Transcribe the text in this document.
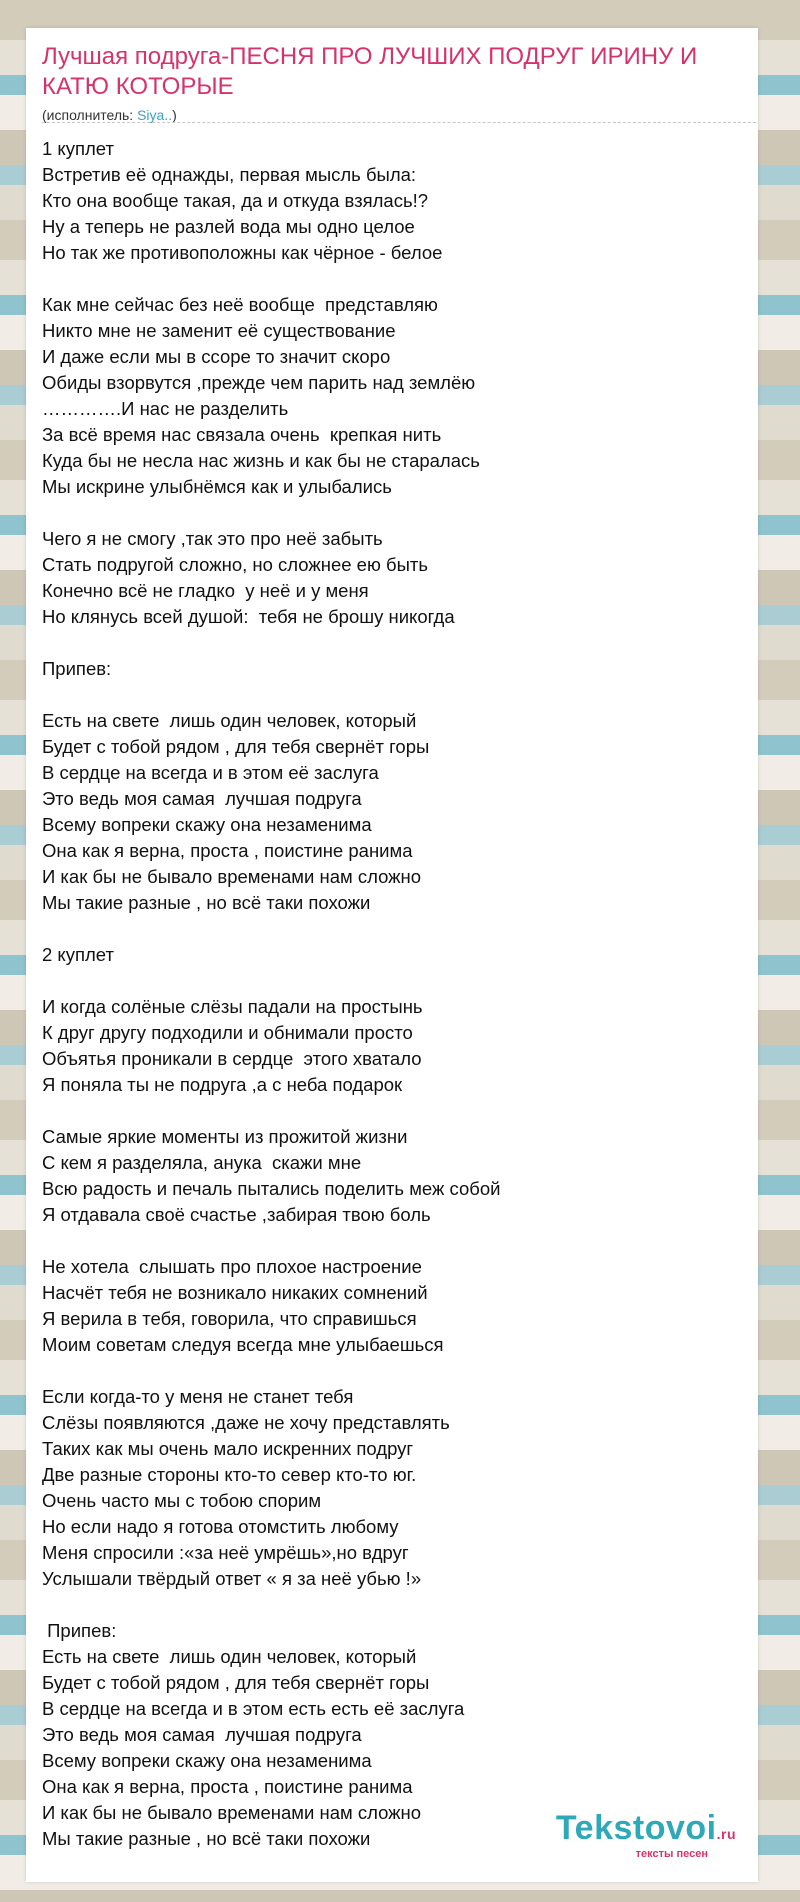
Лучшая подруга-ПЕСНЯ ПРО ЛУЧШИХ ПОДРУГ ИРИНУ И КАТЮ КОТОРЫЕ
(исполнитель: Siya..)
1 куплет
Встретив её однажды, первая мысль была:
Кто она вообще такая, да и откуда взялась!?
Ну а теперь не разлей вода мы одно целое
Но так же противоположны как чёрное - белое

Как мне сейчас без неё вообще  представляю
Никто мне не заменит её существование
И даже если мы в ссоре то значит скоро
Обиды взорвутся ,прежде чем парить над землёю
………….И нас не разделить
За всё время нас связала очень  крепкая нить
Куда бы не несла нас жизнь и как бы не старалась
Мы искрине улыбнёмся как и улыбались

Чего я не смогу ,так это про неё забыть
Стать подругой сложно, но сложнее ею быть
Конечно всё не гладко  у неё и у меня
Но клянусь всей душой:  тебя не брошу никогда

Припев:

Есть на свете  лишь один человек, который
Будет с тобой рядом , для тебя свернёт горы
В сердце на всегда и в этом её заслуга
Это ведь моя самая  лучшая подруга
Всему вопреки скажу она незаменима
Она как я верна, проста , поистине ранима
И как бы не бывало временами нам сложно
Мы такие разные , но всё таки похожи

2 куплет

И когда солёные слёзы падали на простынь
К друг другу подходили и обнимали просто
Объятья проникали в сердце  этого хватало
Я поняла ты не подруга ,а с неба подарок

Самые яркие моменты из прожитой жизни
С кем я разделяла, анука  скажи мне
Всю радость и печаль пытались поделить меж собой
Я отдавала своё счастье ,забирая твою боль

Не хотела  слышать про плохое настроение
Насчёт тебя не возникало никаких сомнений
Я верила в тебя, говорила, что справишься
Моим советам следуя всегда мне улыбаешься

Если когда-то у меня не станет тебя
Слёзы появляются ,даже не хочу представлять
Таких как мы очень мало искренних подруг
Две разные стороны кто-то север кто-то юг.
Очень часто мы с тобою спорим
Но если надо я готова отомстить любому
Меня спросили :«за неё умрёшь»,но вдруг
Услышали твёрдый ответ « я за неё убью !»

Припев:
Есть на свете  лишь один человек, который
Будет с тобой рядом , для тебя свернёт горы
В сердце на всегда и в этом есть есть её заслуга
Это ведь моя самая  лучшая подруга
Всему вопреки скажу она незаменима
Она как я верна, проста , поистине ранима
И как бы не бывало временами нам сложно
Мы такие разные , но всё таки похожи	Tekstovoi.ru
тексты песен
